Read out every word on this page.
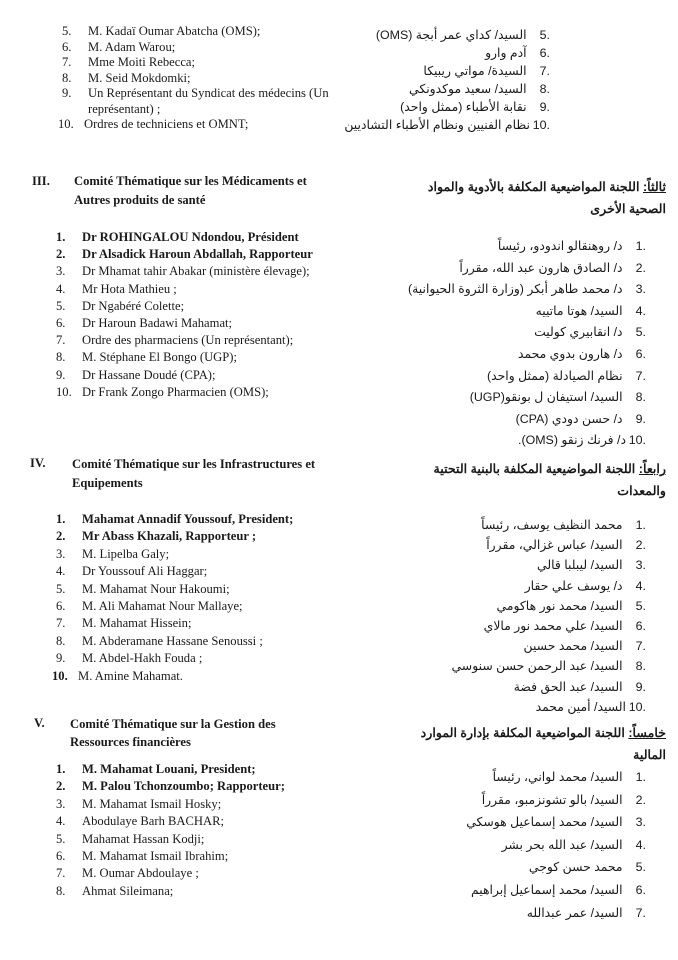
5. M. Kadaï Oumar Abatcha (OMS);
6. M. Adam Warou;
7. Mme Moiti Rebecca;
8. M. Seid Mokdomki;
9. Un Représentant du Syndicat des médecins (Un
représentant) ;
10. Ordres de techniciens et OMNT;
.5 السيد/ كداي عمر أبجة (OMS)
.6 آدم وارو
.7 السيدة/ مواتي ريبيكا
.8 السيد/ سعيد موكدونكي
.9 نقابة الأطباء (ممثل واحد)
.10نظام الفنيين ونظام الأطباء التشاديين
III. Comité Thématique sur les Médicaments et
Autres produits de santé
ثالثاً: اللجنة المواضيعية المكلفة بالأدوية والمواد
الصحية الأخرى
1. Dr ROHINGALOU Ndondou, Président
2. Dr Alsadick Haroun Abdallah, Rapporteur
3. Dr Mhamat tahir Abakar (ministère élevage);
4. Mr Hota Mathieu ;
5. Dr Ngabéré Colette;
6. Dr Haroun Badawi Mahamat;
7. Ordre des pharmaciens (Un représentant);
8. M. Stéphane El Bongo (UGP);
9. Dr Hassane Doudé (CPA);
10. Dr Frank Zongo Pharmacien (OMS);
.1 د/ روهنقالو اندودو، رئيساً
.2 د/ الصادق هارون عبد الله، مقرراً
.3 د/ محمد طاهر أبكر (وزارة الثروة الحيوانية)
.4 السيد/ هوتا ماتييه
.5 د/ انقابيري كوليت
.6 د/ هارون بدوي محمد
.7 نظام الصيادلة (ممثل واحد)
.8 السيد/ استيفان ل بونقو(UGP)
.9 د/ حسن دودي (CPA)
.10د/ فرنك زنقو (OMS).
IV. Comité Thématique sur les Infrastructures et
Equipements
رابعاً: اللجنة المواضيعية المكلفة بالبنية التحتية
والمعدات
1. Mahamat Annadif Youssouf, President;
2. Mr Abass Khazali, Rapporteur ;
3. M. Lipelba Galy;
4. Dr Youssouf Ali Haggar;
5. M. Mahamat Nour Hakoumi;
6. M. Ali Mahamat Nour Mallaye;
7. M. Mahamat Hissein;
8. M. Abderamane Hassane Senoussi ;
9. M. Abdel-Hakh Fouda ;
10. M. Amine Mahamat.
.1 محمد النظيف يوسف، رئيساً
.2 السيد/ عباس غزالي، مقرراً
.3 السيد/ ليبلبا قالي
.4 د/ يوسف علي حقار
.5 السيد/ محمد نور هاكومي
.6 السيد/ علي محمد نور مالاي
.7 السيد/ محمد حسين
.8 السيد/ عبد الرحمن حسن سنوسي
.9 السيد/ عبد الحق فضة
.10السيد/ أمين محمد
V. Comité Thématique sur la Gestion des
Ressources financières
خامساً: اللجنة المواضيعية المكلفة بإدارة الموارد
المالية
1. M. Mahamat Louani, President;
2. M. Palou Tchonzoumbo; Rapporteur;
3. M. Mahamat Ismail Hosky;
4. Abodulaye Barh BACHAR;
5. Mahamat Hassan Kodji;
6. M. Mahamat Ismail Ibrahim;
7. M. Oumar Abdoulaye ;
8. Ahmat Sileimana;
.1 السيد/ محمد لواني، رئيساً
.2 السيد/ بالو تشونزمبو، مقرراً
.3 السيد/ محمد إسماعيل هوسكي
.4 السيد/ عبد الله بحر بشر
.5 محمد حسن كوجي
.6 السيد/ محمد إسماعيل إبراهيم
.7 السيد/ عمر عبدالله
